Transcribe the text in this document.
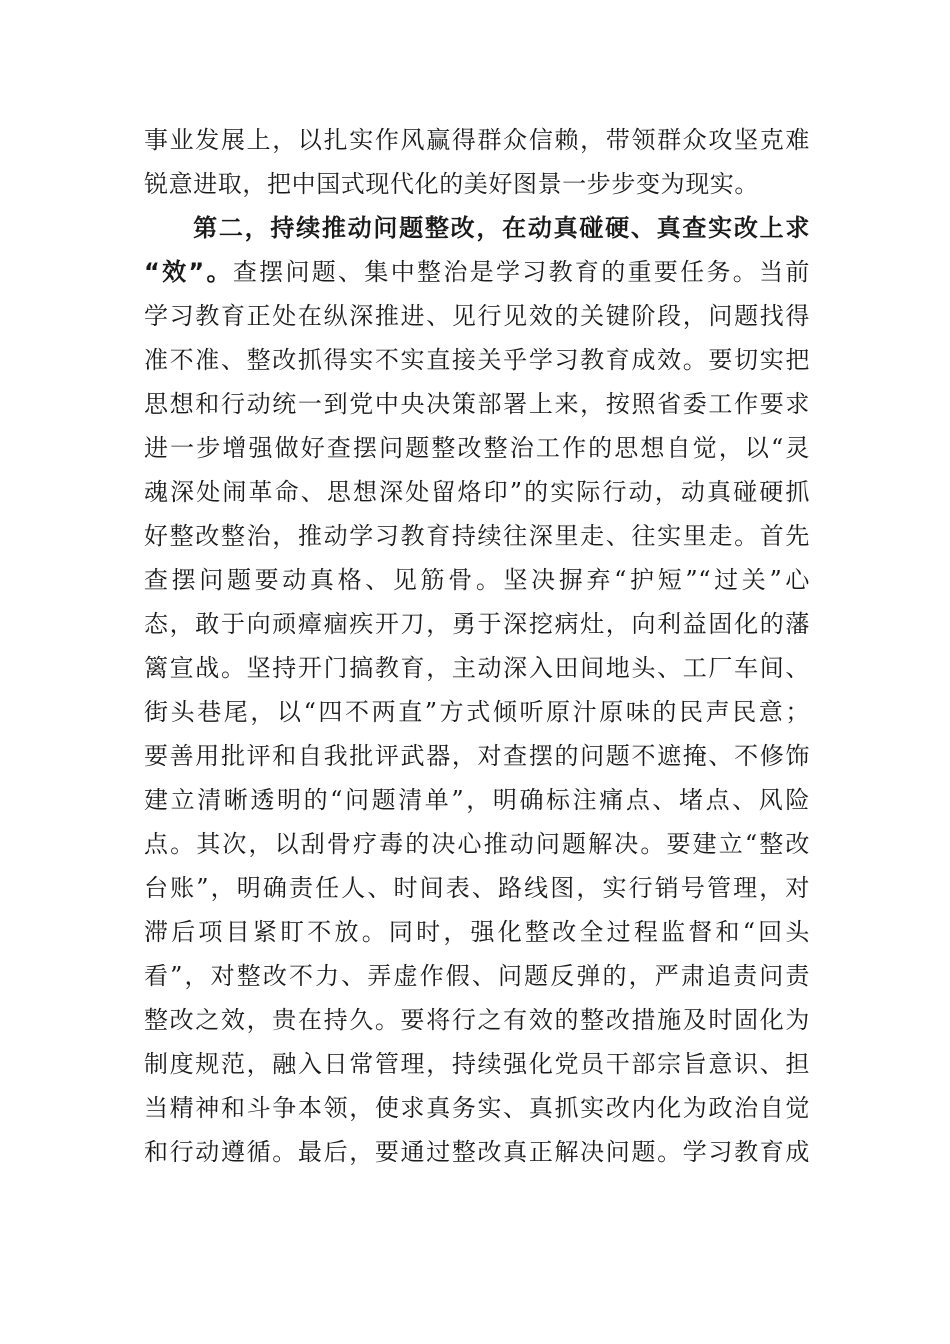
事业发展上，以扎实作风赢得群众信赖，带领群众攻坚克难
锐意进取，把中国式现代化的美好图景一步步变为现实。
第二，持续推动问题整改，在动真碰硬、真查实改上求
“效”。查摆问题、集中整治是学习教育的重要任务。当前
学习教育正处在纵深推进、见行见效的关键阶段，问题找得
准不准、整改抓得实不实直接关乎学习教育成效。要切实把
思想和行动统一到党中央决策部署上来，按照省委工作要求
进一步增强做好查摆问题整改整治工作的思想自觉，以“灵
魂深处闹革命、思想深处留烙印”的实际行动，动真碰硬抓
好整改整治，推动学习教育持续往深里走、往实里走。首先
查摆问题要动真格、见筋骨。坚决摒弃“护短”“过关”心
态，敢于向顽瘴痼疾开刀，勇于深挖病灶，向利益固化的藩
篱宣战。坚持开门搞教育，主动深入田间地头、工厂车间、
街头巷尾，以“四不两直”方式倾听原汁原味的民声民意；
要善用批评和自我批评武器，对查摆的问题不遮掩、不修饰
建立清晰透明的“问题清单”，明确标注痛点、堵点、风险
点。其次，以刮骨疗毒的决心推动问题解决。要建立“整改
台账”，明确责任人、时间表、路线图，实行销号管理，对
滞后项目紧盯不放。同时，强化整改全过程监督和“回头
看”，对整改不力、弄虚作假、问题反弹的，严肃追责问责
整改之效，贵在持久。要将行之有效的整改措施及时固化为
制度规范，融入日常管理，持续强化党员干部宗旨意识、担
当精神和斗争本领，使求真务实、真抓实改内化为政治自觉
和行动遵循。最后，要通过整改真正解决问题。学习教育成
